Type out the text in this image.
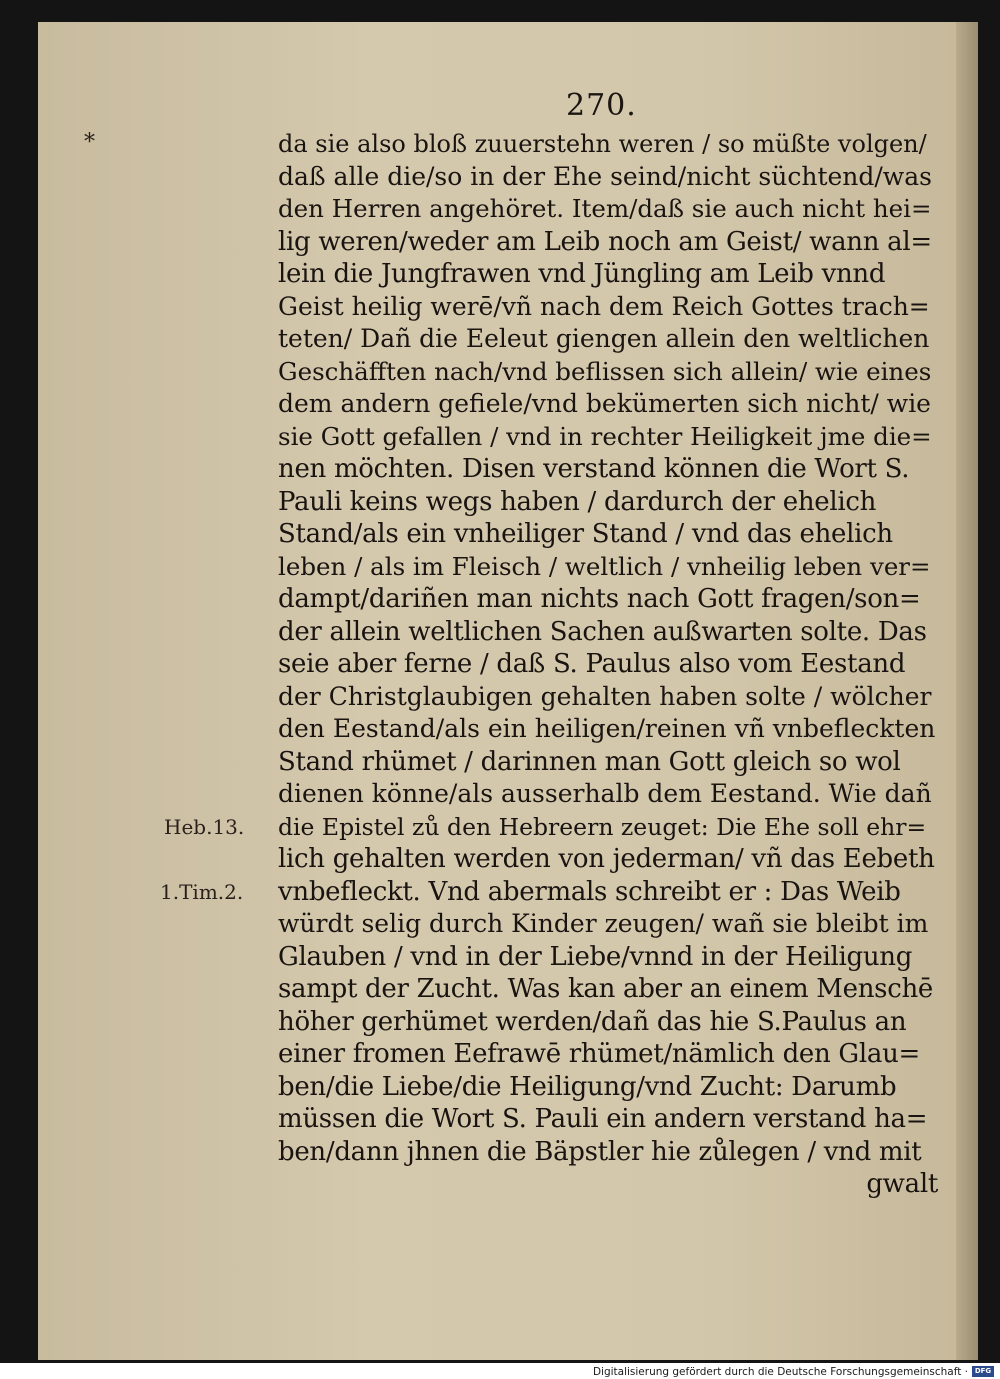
270.
*
Heb.13.
1.Tim.2.
da sie also bloß zuuerstehn weren / so müßte volgen/
daß alle die/so in der Ehe seind/nicht süchtend/was
den Herren angehöret. Item/daß sie auch nicht hei=
lig weren/weder am Leib noch am Geist/ wann al=
lein die Jungfrawen vnd Jüngling am Leib vnnd
Geist heilig werē/vñ nach dem Reich Gottes trach=
teten/ Dañ die Eeleut giengen allein den weltlichen
Geschäfften nach/vnd beflissen sich allein/ wie eines
dem andern gefiele/vnd bekümerten sich nicht/ wie
sie Gott gefallen / vnd in rechter Heiligkeit jme die=
nen möchten. Disen verstand können die Wort S.
Pauli keins wegs haben / dardurch der ehelich
Stand/als ein vnheiliger Stand / vnd das ehelich
leben / als im Fleisch / weltlich / vnheilig leben ver=
dampt/dariñen man nichts nach Gott fragen/son=
der allein weltlichen Sachen außwarten solte. Das
seie aber ferne / daß S. Paulus also vom Eestand
der Christglaubigen gehalten haben solte / wölcher
den Eestand/als ein heiligen/reinen vñ vnbefleckten
Stand rhümet / darinnen man Gott gleich so wol
dienen könne/als ausserhalb dem Eestand. Wie dañ
die Epistel zů den Hebreern zeuget: Die Ehe soll ehr=
lich gehalten werden von jederman/ vñ das Eebeth
vnbefleckt. Vnd abermals schreibt er : Das Weib
würdt selig durch Kinder zeugen/ wañ sie bleibt im
Glauben / vnd in der Liebe/vnnd in der Heiligung
sampt der Zucht. Was kan aber an einem Menschē
höher gerhümet werden/dañ das hie S.Paulus an
einer fromen Eefrawē rhümet/nämlich den Glau=
ben/die Liebe/die Heiligung/vnd Zucht: Darumb
müssen die Wort S. Pauli ein andern verstand ha=
ben/dann jhnen die Bäpstler hie zůlegen / vnd mit
gwalt
Digitalisierung gefördert durch die Deutsche Forschungsgemeinschaft · DFG
